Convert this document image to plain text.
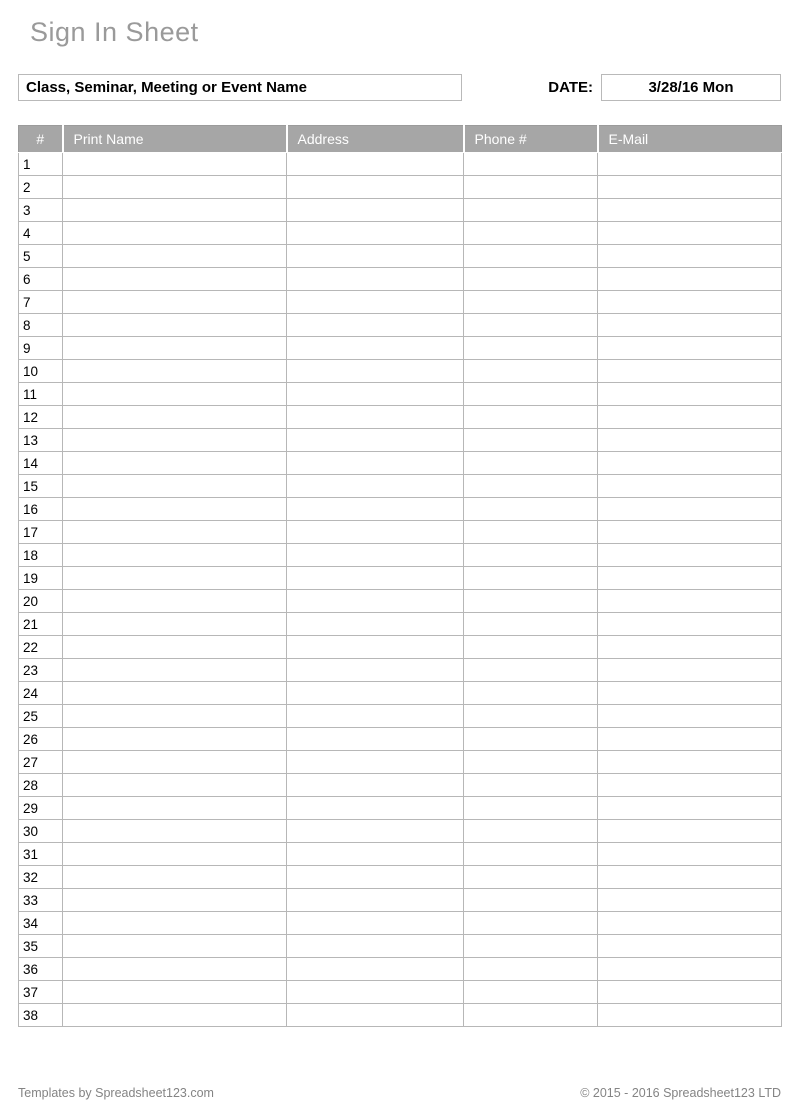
Sign In Sheet
Class, Seminar, Meeting or Event Name	DATE:	3/28/16 Mon
#	Print Name	Address	Phone #	E-Mail
1				
2				
3				
4				
5				
6				
7				
8				
9				
10				
11				
12				
13				
14				
15				
16				
17				
18				
19				
20				
21				
22				
23				
24				
25				
26				
27				
28				
29				
30				
31				
32				
33				
34				
35				
36				
37				
38				
Templates by Spreadsheet123.com	© 2015 - 2016 Spreadsheet123 LTD
